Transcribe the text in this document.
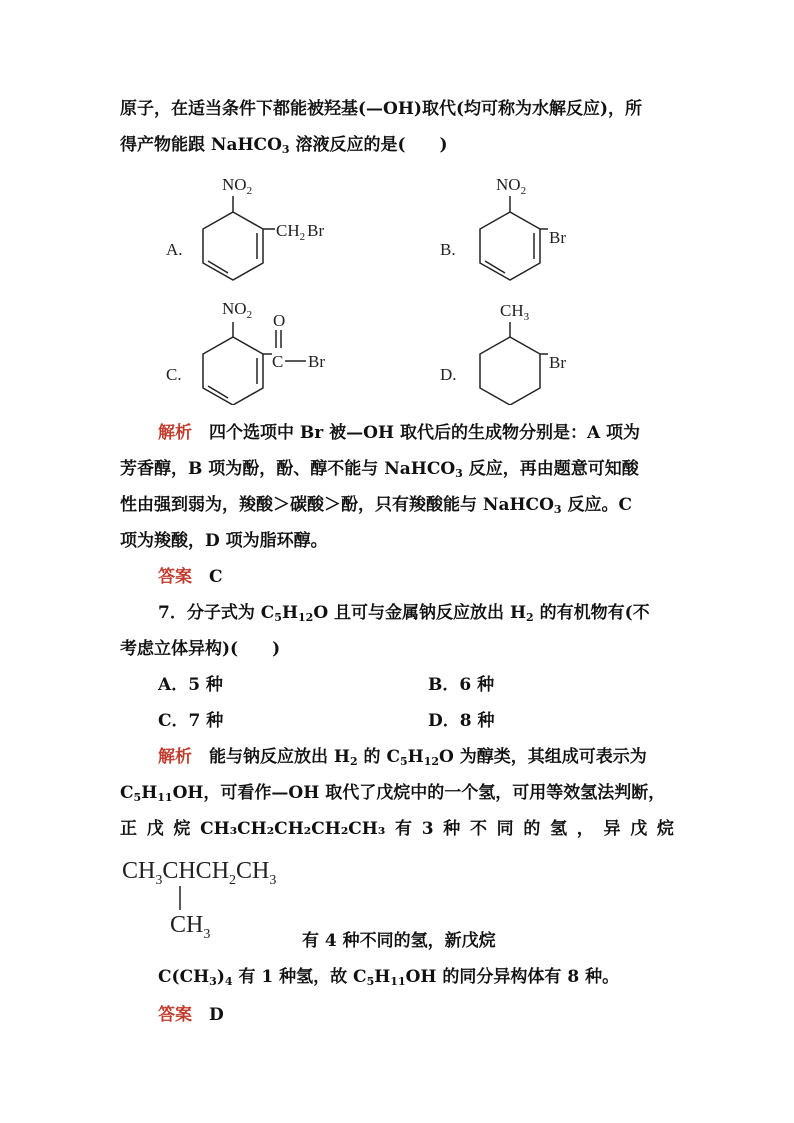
原子，在适当条件下都能被羟基(—OH)取代(均可称为水解反应)，所
得产物能跟 NaHCO$_3$ 溶液反应的是(　　)
A.
$NO_2$
$CH_2$ Br
B.
$NO_2$
Br
C.
$NO_2$ O
C Br
D.
$CH_3$
Br
解析　四个选项中 Br 被—OH 取代后的生成物分别是：A 项为
芳香醇，B 项为酚，酚、醇不能与 NaHCO$_3$ 反应，再由题意可知酸
性由强到弱为，羧酸＞碳酸＞酚，只有羧酸能与 NaHCO$_3$ 反应。C
项为羧酸，D 项为脂环醇。
答案　C
7．分子式为 $C_5H_{12}O$ 且可与金属钠反应放出 $H_2$ 的有机物有(不
考虑立体异构)(　　)
A．5 种	B．6 种
C．7 种	D．8 种
解析　能与钠反应放出 $H_2$ 的 $C_5H_{12}O$ 为醇类，其组成可表示为
$C_5H_{11}OH$，可看作—OH 取代了戊烷中的一个氢，可用等效氢法判断，
正 戊 烷 CH₃CH₂CH₂CH₂CH₃ 有 3 种 不 同 的 氢 ， 异 戊 烷
$CH_3CHCH_2CH_3$
$CH_3$	有 4 种不同的氢，新戊烷
$C(CH_3)_4$ 有 1 种氢，故 $C_5H_{11}OH$ 的同分异构体有 8 种。
答案　D
